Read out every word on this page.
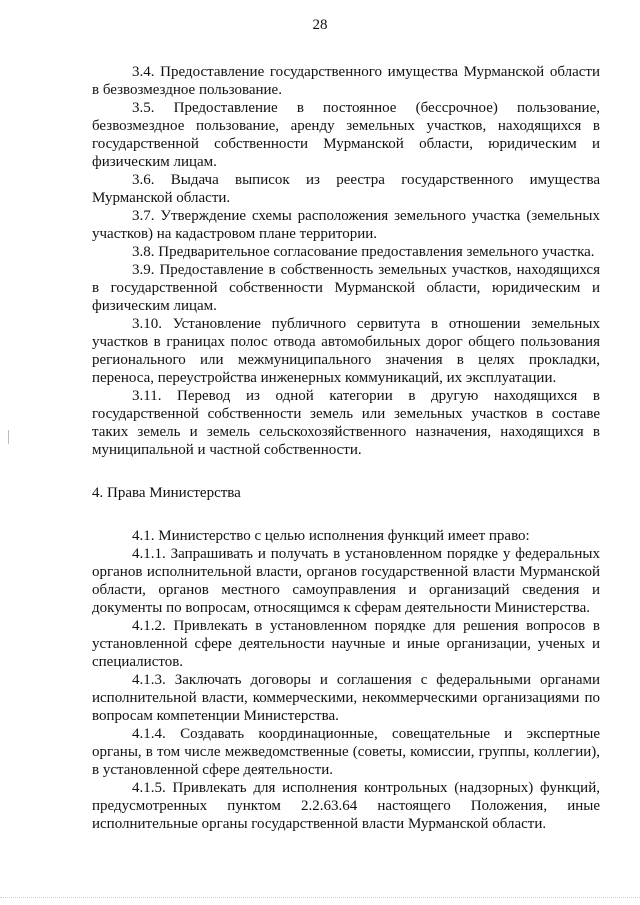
28

3.4. Предоставление государственного имущества Мурманской области в безвозмездное пользование.

3.5. Предоставление в постоянное (бессрочное) пользование, безвозмездное пользование, аренду земельных участков, находящихся в государственной собственности Мурманской области, юридическим и физическим лицам.

3.6. Выдача выписок из реестра государственного имущества Мурманской области.

3.7. Утверждение схемы расположения земельного участка (земельных участков) на кадастровом плане территории.

3.8. Предварительное согласование предоставления земельного участка.

3.9. Предоставление в собственность земельных участков, находящихся в государственной собственности Мурманской области, юридическим и физическим лицам.

3.10. Установление публичного сервитута в отношении земельных участков в границах полос отвода автомобильных дорог общего пользования регионального или межмуниципального значения в целях прокладки, переноса, переустройства инженерных коммуникаций, их эксплуатации.

3.11. Перевод из одной категории в другую находящихся в государственной собственности земель или земельных участков в составе таких земель и земель сельскохозяйственного назначения, находящихся в муниципальной и частной собственности.

4. Права Министерства

4.1. Министерство с целью исполнения функций имеет право:

4.1.1. Запрашивать и получать в установленном порядке у федеральных органов исполнительной власти, органов государственной власти Мурманской области, органов местного самоуправления и организаций сведения и документы по вопросам, относящимся к сферам деятельности Министерства.

4.1.2. Привлекать в установленном порядке для решения вопросов в установленной сфере деятельности научные и иные организации, ученых и специалистов.

4.1.3. Заключать договоры и соглашения с федеральными органами исполнительной власти, коммерческими, некоммерческими организациями по вопросам компетенции Министерства.

4.1.4. Создавать координационные, совещательные и экспертные органы, в том числе межведомственные (советы, комиссии, группы, коллегии), в установленной сфере деятельности.

4.1.5. Привлекать для исполнения контрольных (надзорных) функций, предусмотренных пунктом 2.2.63.64 настоящего Положения, иные исполнительные органы государственной власти Мурманской области.
